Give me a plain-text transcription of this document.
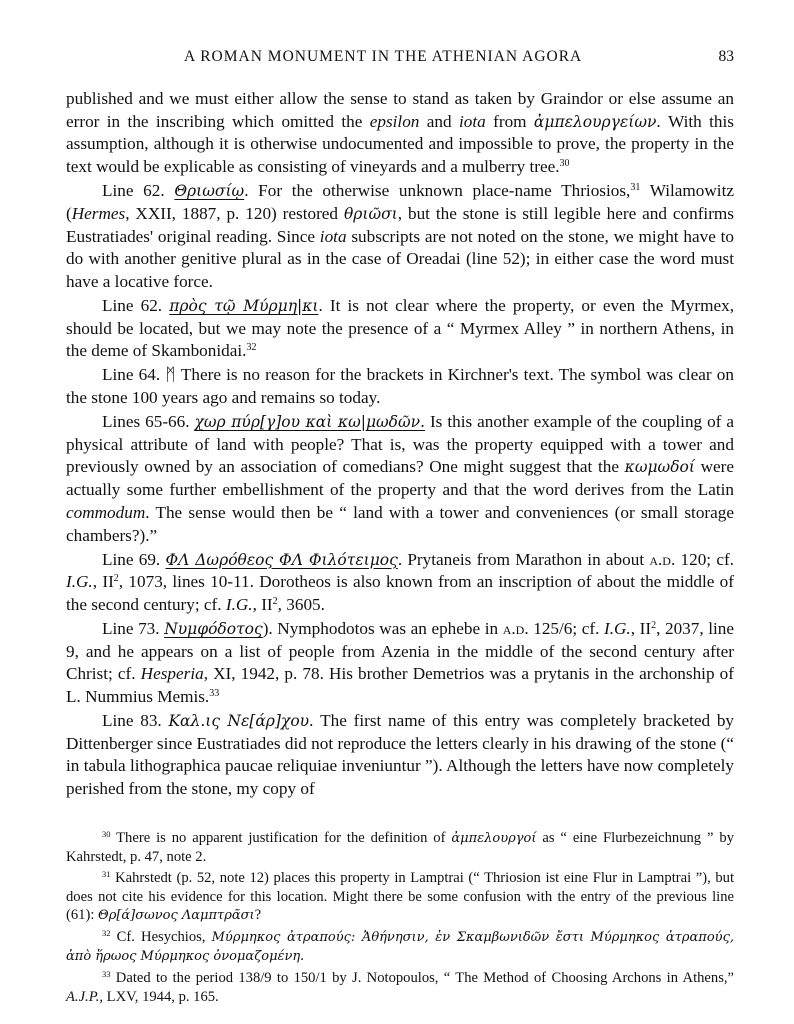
A ROMAN MONUMENT IN THE ATHENIAN AGORA	83

published and we must either allow the sense to stand as taken by Graindor or else assume an error in the inscribing which omitted the epsilon and iota from ἀμπελουργείων. With this assumption, although it is otherwise undocumented and impossible to prove, the property in the text would be explicable as consisting of vineyards and a mulberry tree.$^{30}$

Line 62. Θριωσίῳ. For the otherwise unknown place-name Thriosios,$^{31}$ Wilamowitz (Hermes, XXII, 1887, p. 120) restored θριῶσι, but the stone is still legible here and confirms Eustratiades' original reading. Since iota subscripts are not noted on the stone, we might have to do with another genitive plural as in the case of Oreadai (line 52); in either case the word must have a locative force.

Line 62. πρὸς τῷ Μύρμη|κι. It is not clear where the property, or even the Myrmex, should be located, but we may note the presence of a “ Myrmex Alley ” in northern Athens, in the deme of Skambonidai.$^{32}$

Line 64. ᛗ There is no reason for the brackets in Kirchner's text. The symbol was clear on the stone 100 years ago and remains so today.

Lines 65-66. χωρ πύρ[γ]ου καὶ κω|μωδῶν. Is this another example of the coupling of a physical attribute of land with people? That is, was the property equipped with a tower and previously owned by an association of comedians? One might suggest that the κωμωδοί were actually some further embellishment of the property and that the word derives from the Latin commodum. The sense would then be “ land with a tower and conveniences (or small storage chambers?).”

Line 69. ΦΛ Δωρόθεος ΦΛ Φιλότειμος. Prytaneis from Marathon in about a.d. 120; cf. I.G., $II^2$, 1073, lines 10-11. Dorotheos is also known from an inscription of about the middle of the second century; cf. I.G., $II^2$, 3605.

Line 73. Νυμφόδοτος). Nymphodotos was an ephebe in a.d. 125/6; cf. I.G., $II^2$, 2037, line 9, and he appears on a list of people from Azenia in the middle of the second century after Christ; cf. Hesperia, XI, 1942, p. 78. His brother Demetrios was a prytanis in the archonship of L. Nummius Memis.$^{33}$

Line 83. Καλ.ις Νε[άρ]χου. The first name of this entry was completely bracketed by Dittenberger since Eustratiades did not reproduce the letters clearly in his drawing of the stone (“ in tabula lithographica paucae reliquiae inveniuntur ”). Although the letters have now completely perished from the stone, my copy of

$^{30}$ There is no apparent justification for the definition of ἀμπελουργοί as “ eine Flurbezeichnung ” by Kahrstedt, p. 47, note 2.

$^{31}$ Kahrstedt (p. 52, note 12) places this property in Lamptrai (“ Thriosion ist eine Flur in Lamptrai ”), but does not cite his evidence for this location. Might there be some confusion with the entry of the previous line (61): Θρ[ά]σωνος Λαμπτρᾶσι?

$^{32}$ Cf. Hesychios, Μύρμηκος ἀτραπούς: Ἀθήνησιν, ἐν Σκαμβωνιδῶν ἔστι Μύρμηκος ἀτραπούς, ἀπὸ ἥρωος Μύρμηκος ὀνομαζομένη.

$^{33}$ Dated to the period 138/9 to 150/1 by J. Notopoulos, “ The Method of Choosing Archons in Athens,” A.J.P., LXV, 1944, p. 165.
